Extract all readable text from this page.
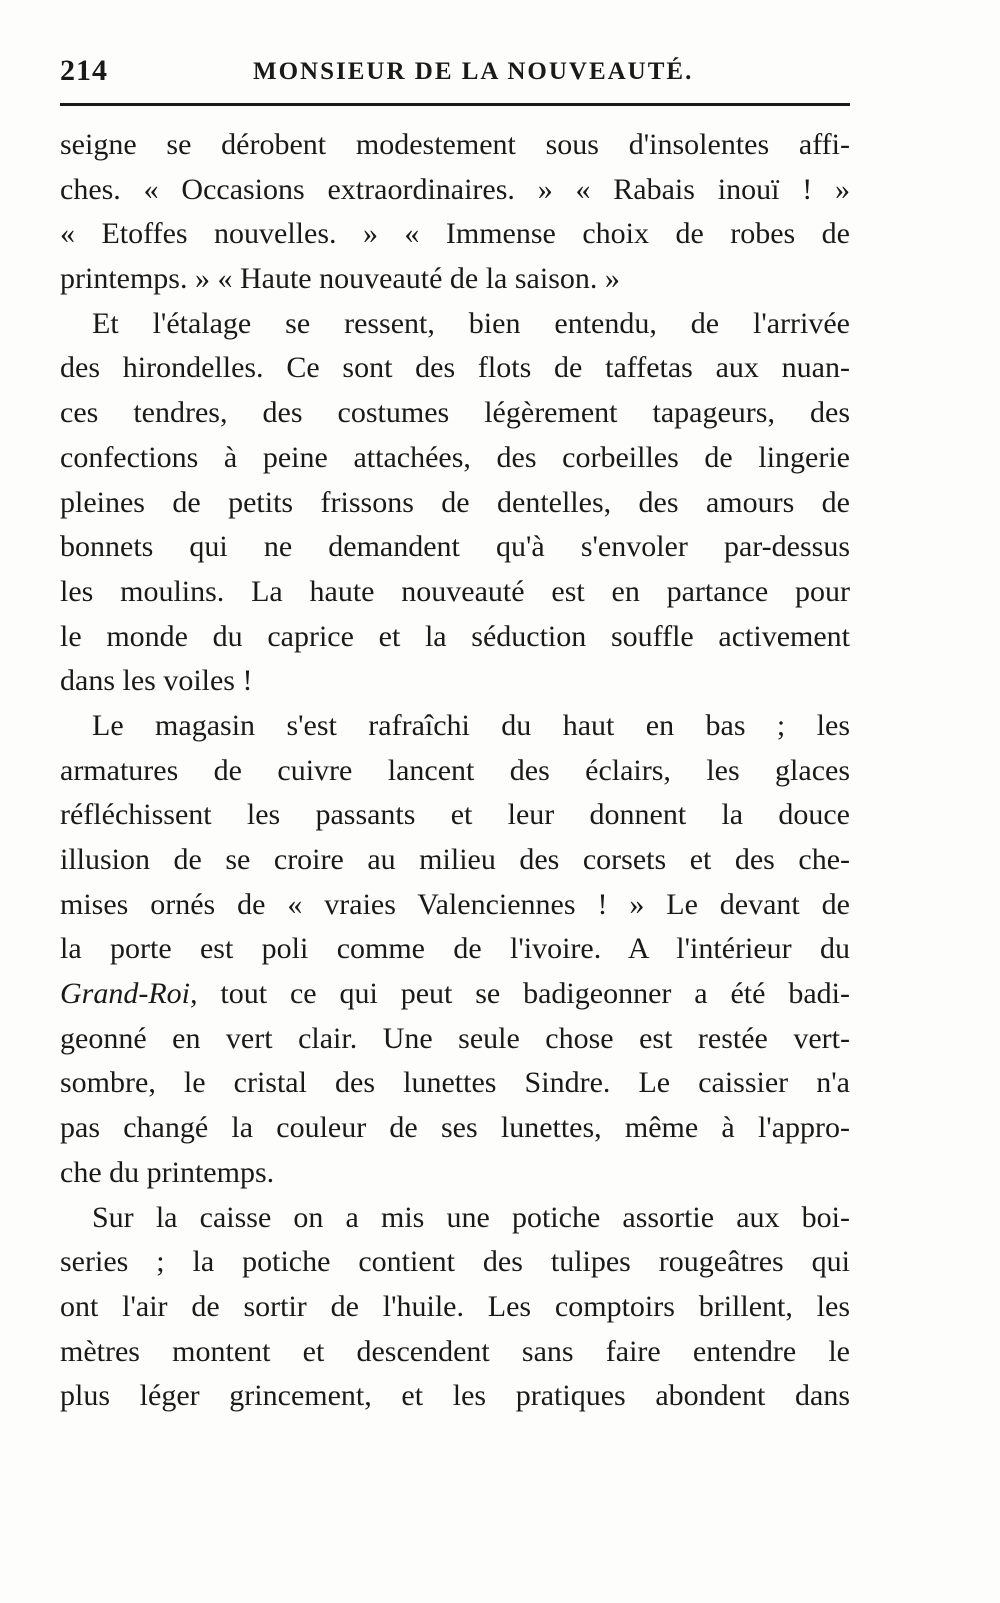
214	MONSIEUR DE LA NOUVEAUTÉ.
seigne se dérobent modestement sous d'insolentes affi-
ches. « Occasions extraordinaires. » « Rabais inouï ! »
« Etoffes nouvelles. » « Immense choix de robes de
printemps. » « Haute nouveauté de la saison. »
Et l'étalage se ressent, bien entendu, de l'arrivée
des hirondelles. Ce sont des flots de taffetas aux nuan-
ces tendres, des costumes légèrement tapageurs, des
confections à peine attachées, des corbeilles de lingerie
pleines de petits frissons de dentelles, des amours de
bonnets qui ne demandent qu'à s'envoler par-dessus
les moulins. La haute nouveauté est en partance pour
le monde du caprice et la séduction souffle activement
dans les voiles !
Le magasin s'est rafraîchi du haut en bas ; les
armatures de cuivre lancent des éclairs, les glaces
réfléchissent les passants et leur donnent la douce
illusion de se croire au milieu des corsets et des che-
mises ornés de « vraies Valenciennes ! » Le devant de
la porte est poli comme de l'ivoire. A l'intérieur du
Grand-Roi, tout ce qui peut se badigeonner a été badi-
geonné en vert clair. Une seule chose est restée vert-
sombre, le cristal des lunettes Sindre. Le caissier n'a
pas changé la couleur de ses lunettes, même à l'appro-
che du printemps.
Sur la caisse on a mis une potiche assortie aux boi-
series ; la potiche contient des tulipes rougeâtres qui
ont l'air de sortir de l'huile. Les comptoirs brillent, les
mètres montent et descendent sans faire entendre le
plus léger grincement, et les pratiques abondent dans
